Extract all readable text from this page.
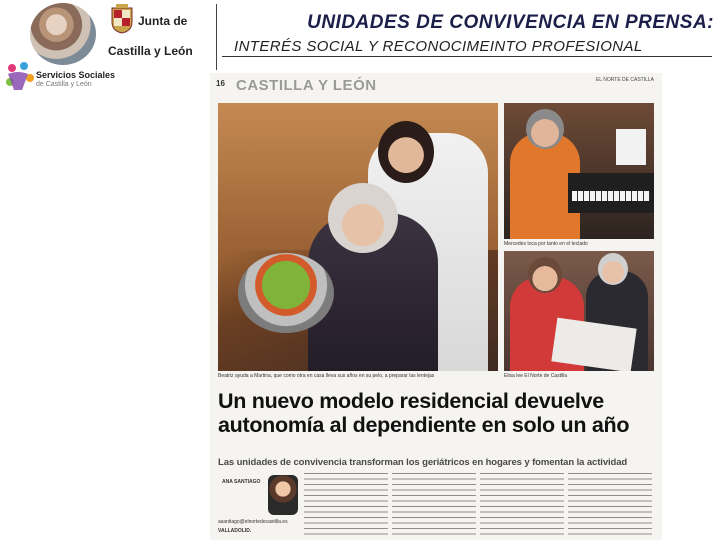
Junta de
Castilla y León
UNIDADES DE CONVIVENCIA EN PRENSA:
INTERÉS SOCIAL Y RECONOCIMEINTO PROFESIONAL
Servicios Sociales
de Castilla y León	16 CASTILLA Y LEÓN	EL NORTE DE CASTILLA
Beatriz ayuda a Martina, que como otra en casa lleva sus años en su pelo, a preparar las lentejas
Mercedes toca por tanto en el teclado
Elisa lee El Norte de Castilla
Un nuevo modelo residencial devuelve autonomía al dependiente en solo un año
Las unidades de convivencia transforman los geriátricos en hogares y fomentan la actividad
ANA SANTIAGO
asantiago@elnortedecastilla.es
VALLADOLID.
